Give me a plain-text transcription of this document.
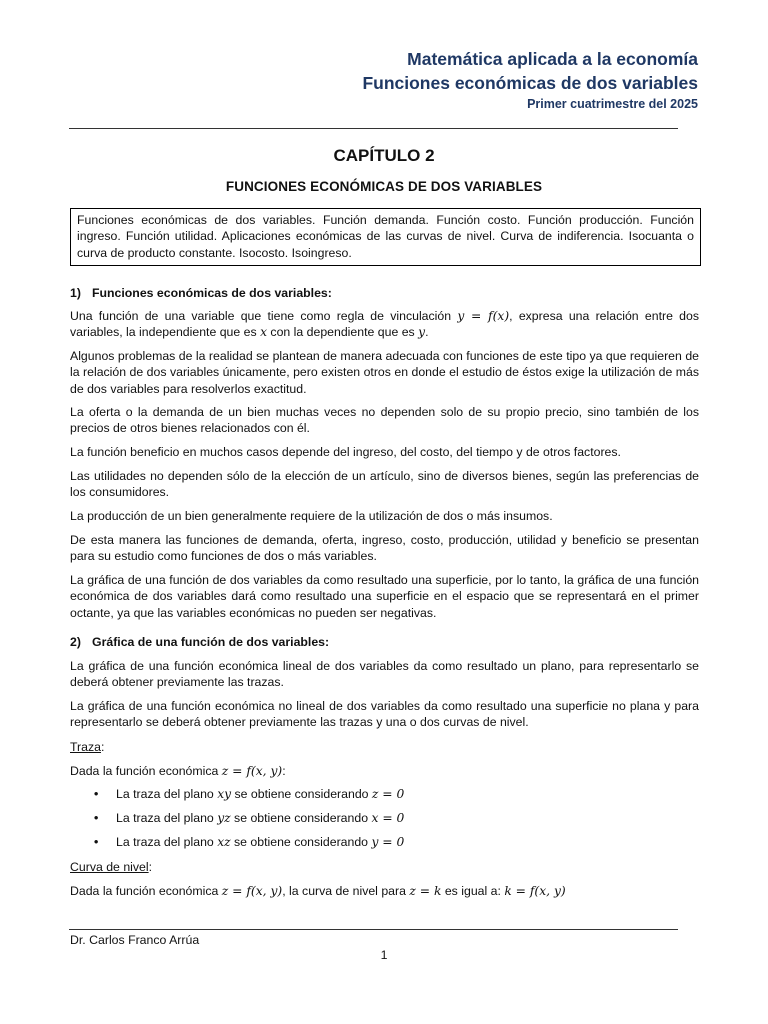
Matemática aplicada a la economía
Funciones económicas de dos variables
Primer cuatrimestre del 2025
CAPÍTULO 2
FUNCIONES ECONÓMICAS DE DOS VARIABLES
Funciones económicas de dos variables. Función demanda. Función costo. Función producción. Función ingreso. Función utilidad. Aplicaciones económicas de las curvas de nivel. Curva de indiferencia. Isocuanta o curva de producto constante. Isocosto. Isoingreso.
1) Funciones económicas de dos variables:
Una función de una variable que tiene como regla de vinculación y = f(x), expresa una relación entre dos variables, la independiente que es x con la dependiente que es y.
Algunos problemas de la realidad se plantean de manera adecuada con funciones de este tipo ya que requieren de la relación de dos variables únicamente, pero existen otros en donde el estudio de éstos exige la utilización de más de dos variables para resolverlos exactitud.
La oferta o la demanda de un bien muchas veces no dependen solo de su propio precio, sino también de los precios de otros bienes relacionados con él.
La función beneficio en muchos casos depende del ingreso, del costo, del tiempo y de otros factores.
Las utilidades no dependen sólo de la elección de un artículo, sino de diversos bienes, según las preferencias de los consumidores.
La producción de un bien generalmente requiere de la utilización de dos o más insumos.
De esta manera las funciones de demanda, oferta, ingreso, costo, producción, utilidad y beneficio se presentan para su estudio como funciones de dos o más variables.
La gráfica de una función de dos variables da como resultado una superficie, por lo tanto, la gráfica de una función económica de dos variables dará como resultado una superficie en el espacio que se representará en el primer octante, ya que las variables económicas no pueden ser negativas.
2) Gráfica de una función de dos variables:
La gráfica de una función económica lineal de dos variables da como resultado un plano, para representarlo se deberá obtener previamente las trazas.
La gráfica de una función económica no lineal de dos variables da como resultado una superficie no plana y para representarlo se deberá obtener previamente las trazas y una o dos curvas de nivel.
Traza:
Dada la función económica z = f(x, y):
• La traza del plano xy se obtiene considerando z = 0
• La traza del plano yz se obtiene considerando x = 0
• La traza del plano xz se obtiene considerando y = 0
Curva de nivel:
Dada la función económica z = f(x, y), la curva de nivel para z = k es igual a: k = f(x, y)
Dr. Carlos Franco Arrúa
1
